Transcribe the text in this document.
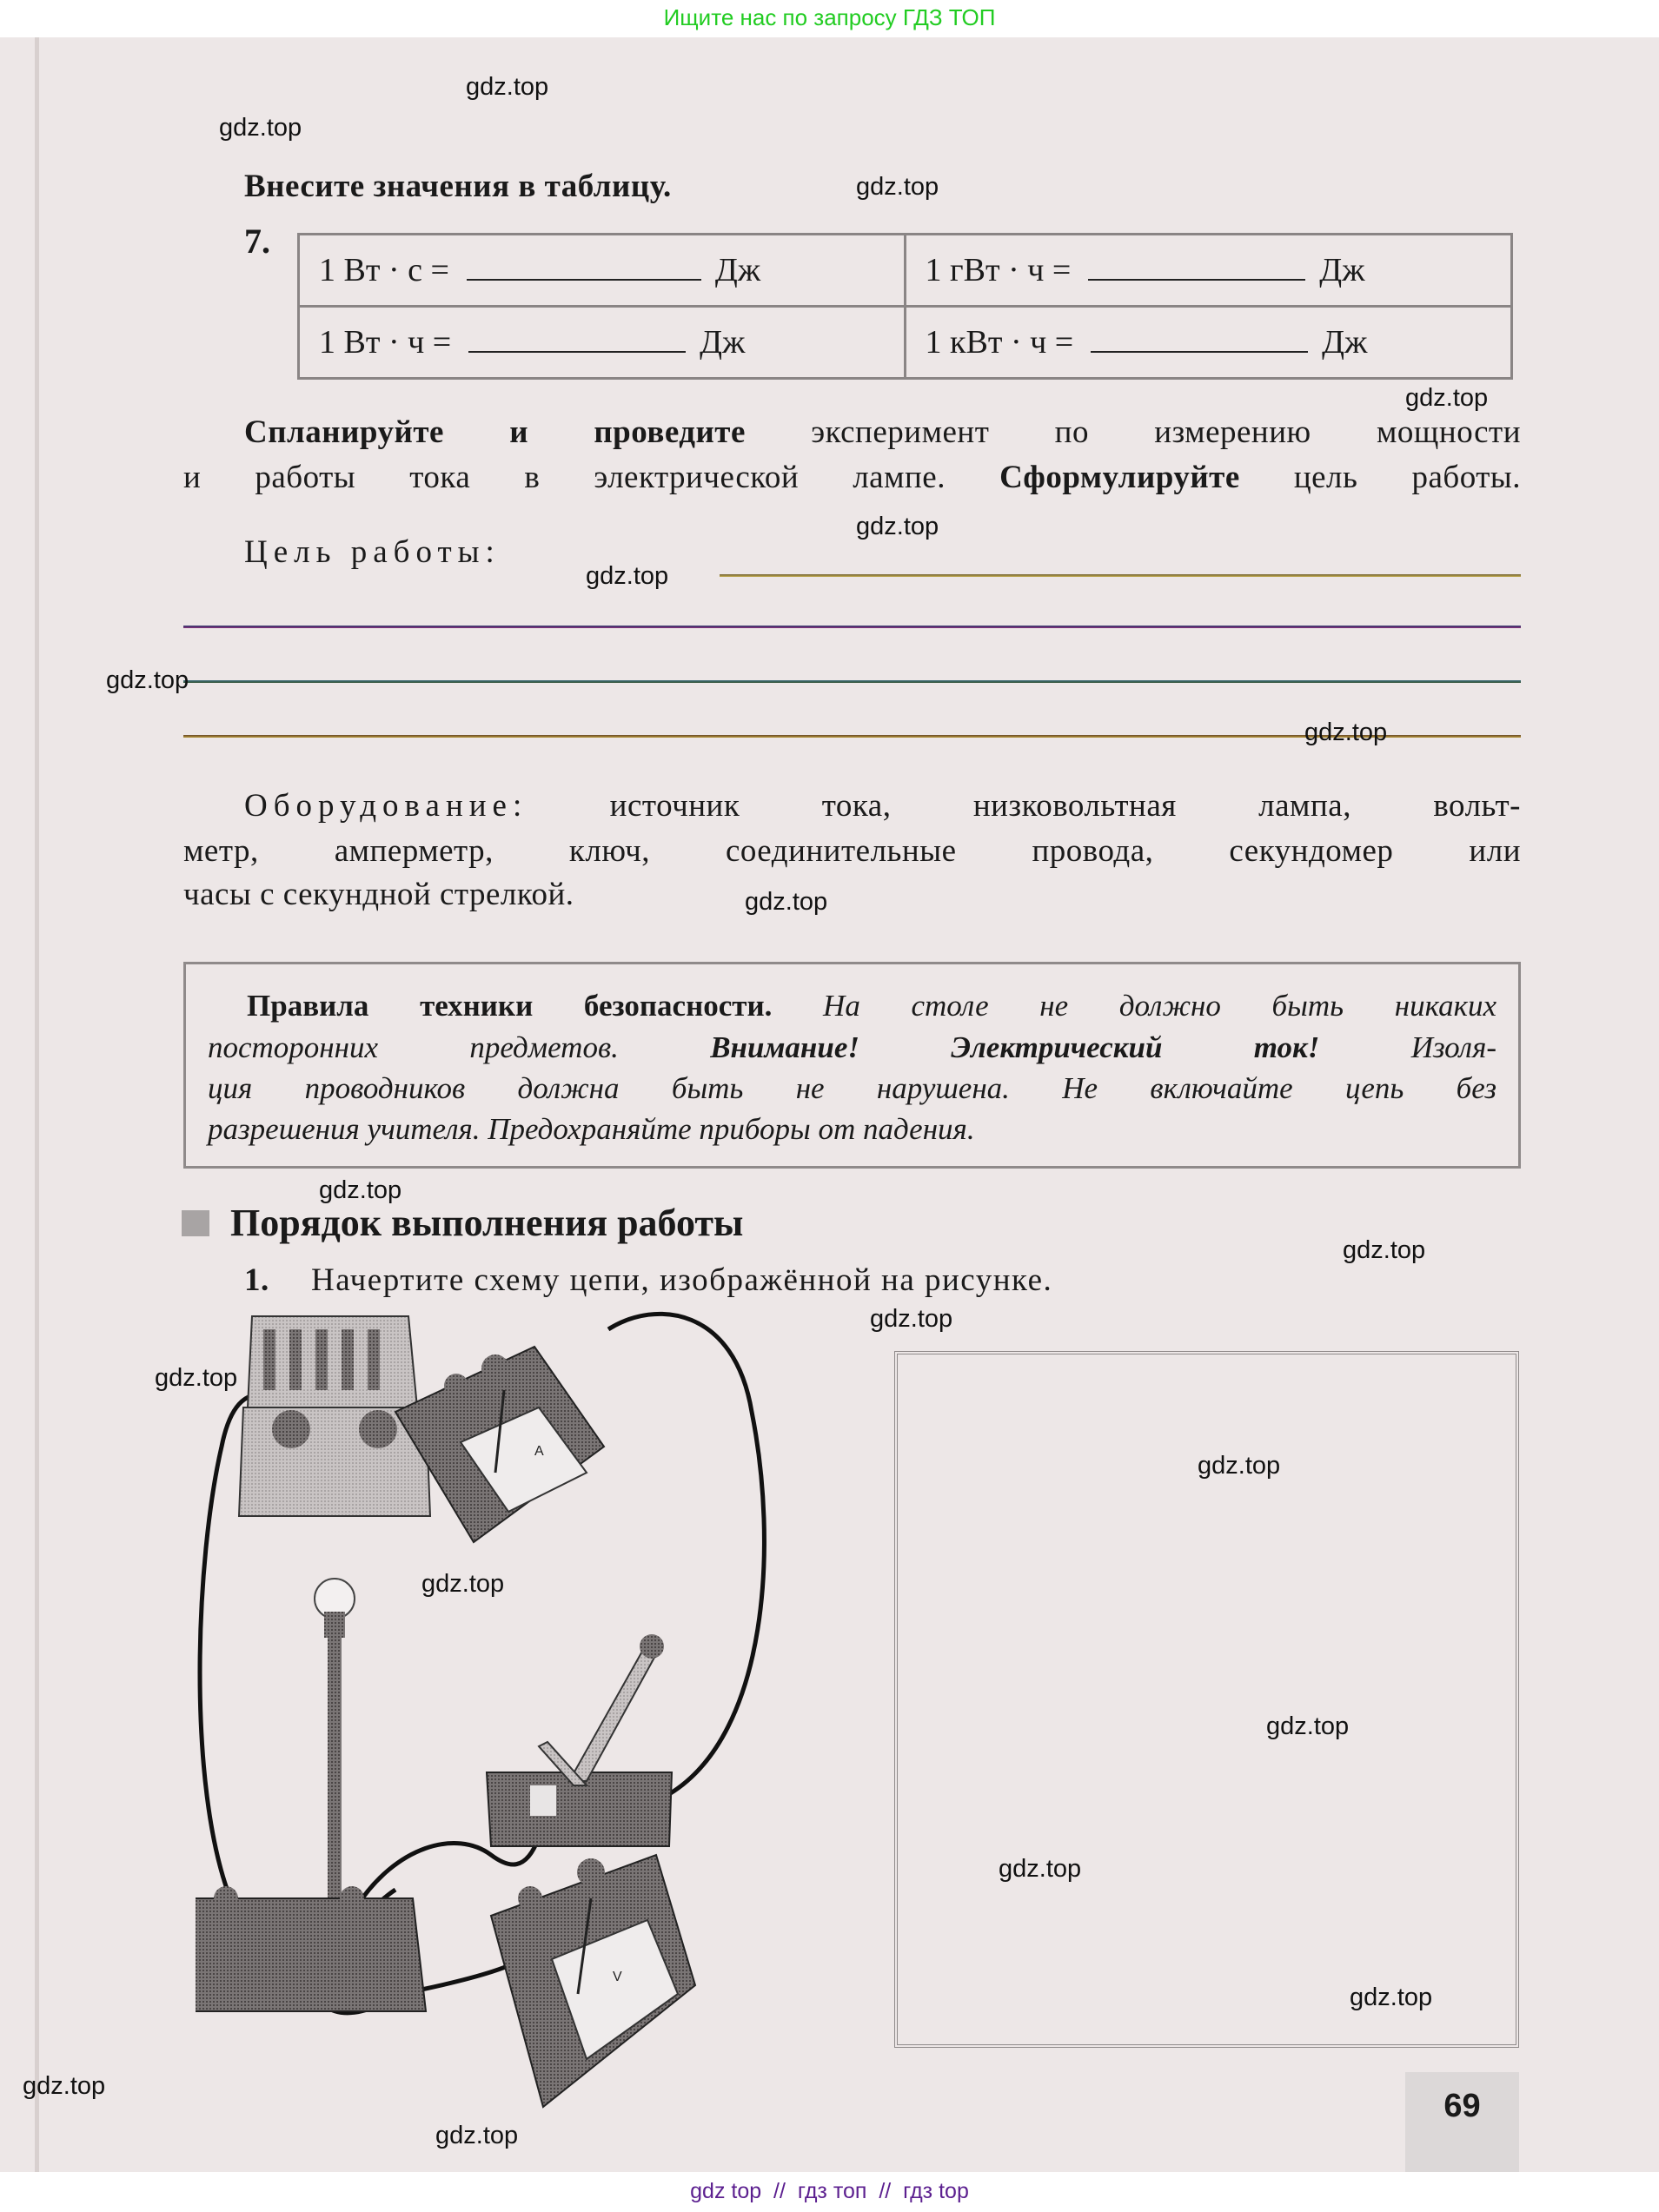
Ищите нас по запросу ГДЗ ТОП
Внесите значения в таблицу.
7.
1 Вт · с = Дж	1 гВт · ч = Дж
1 Вт · ч = Дж	1 кВт · ч = Дж
Спланируйте и проведите эксперимент по измерению мощности
и работы тока в электрической лампе. Сформулируйте цель работы.
Цель работы:
Оборудование: источник тока, низковольтная лампа, вольт-
метр, амперметр, ключ, соединительные провода, секундомер или
часы с секундной стрелкой.

Правила техники безопасности. На столе не должно быть никаких

посторонних предметов. Внимание! Электрический ток! Изоля-

ция проводников должна быть не нарушена. Не включайте цепь без

разрешения учителя. Предохраняйте приборы от падения.

Порядок выполнения работы
1. Начертите схему цепи, изображённой на рисунке.
A
V
69
gdz.top
gdz.top
gdz.top
gdz.top
gdz.top
gdz.top
gdz.top
gdz.top
gdz.top
gdz.top
gdz.top
gdz.top
gdz.top
gdz.top
gdz.top
gdz.top
gdz.top
gdz.top
gdz.top
gdz.top
gdz top  //  гдз топ  //  гдз top
